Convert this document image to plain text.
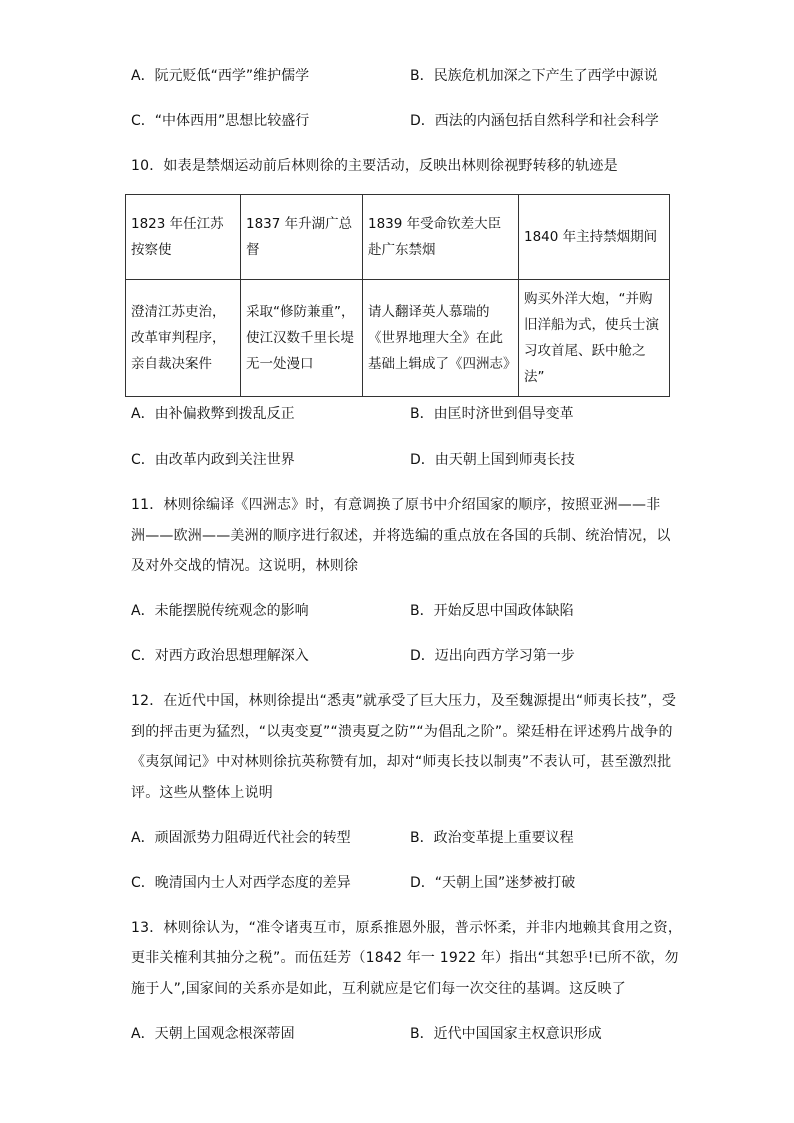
A．阮元贬低“西学”维护儒学	B．民族危机加深之下产生了西学中源说
C．“中体西用”思想比较盛行	D．西法的内涵包括自然科学和社会科学
10．如表是禁烟运动前后林则徐的主要活动，反映出林则徐视野转移的轨迹是
1823 年任江苏按察使	1837 年升湖广总督	1839 年受命钦差大臣赴广东禁烟	1840 年主持禁烟期间
澄清江苏吏治，改革审判程序，亲自裁决案件	采取“修防兼重”，使江汉数千里长堤无一处漫口	请人翻译英人慕瑞的《世界地理大全》在此基础上辑成了《四洲志》	购买外洋大炮，“并购旧洋船为式，使兵士演习攻首尾、跃中舱之法”
A．由补偏救弊到拨乱反正	B．由匡时济世到倡导变革
C．由改革内政到关注世界	D．由天朝上国到师夷长技
11．林则徐编译《四洲志》时，有意调换了原书中介绍国家的顺序，按照亚洲——非
洲——欧洲——美洲的顺序进行叙述，并将选编的重点放在各国的兵制、统治情况，以
及对外交战的情况。这说明，林则徐
A．未能摆脱传统观念的影响	B．开始反思中国政体缺陷
C．对西方政治思想理解深入	D．迈出向西方学习第一步
12．在近代中国，林则徐提出“悉夷”就承受了巨大压力，及至魏源提出“师夷长技”，受
到的抨击更为猛烈，“以夷变夏”“溃夷夏之防”“为倡乱之阶”。梁廷枏在评述鸦片战争的
《夷氛闻记》中对林则徐抗英称赞有加，却对“师夷长技以制夷”不表认可，甚至激烈批
评。这些从整体上说明
A．顽固派势力阻碍近代社会的转型	B．政治变革提上重要议程
C．晚清国内士人对西学态度的差异	D．“天朝上国”迷梦被打破
13．林则徐认为，“准令诸夷互市，原系推恩外服，普示怀柔，并非内地赖其食用之资，
更非关榷利其抽分之税”。而伍廷芳（1842 年一 1922 年）指出“其恕乎!已所不欲，勿
施于人”,国家间的关系亦是如此，互利就应是它们每一次交往的基调。这反映了
A．天朝上国观念根深蒂固	B．近代中国国家主权意识形成
